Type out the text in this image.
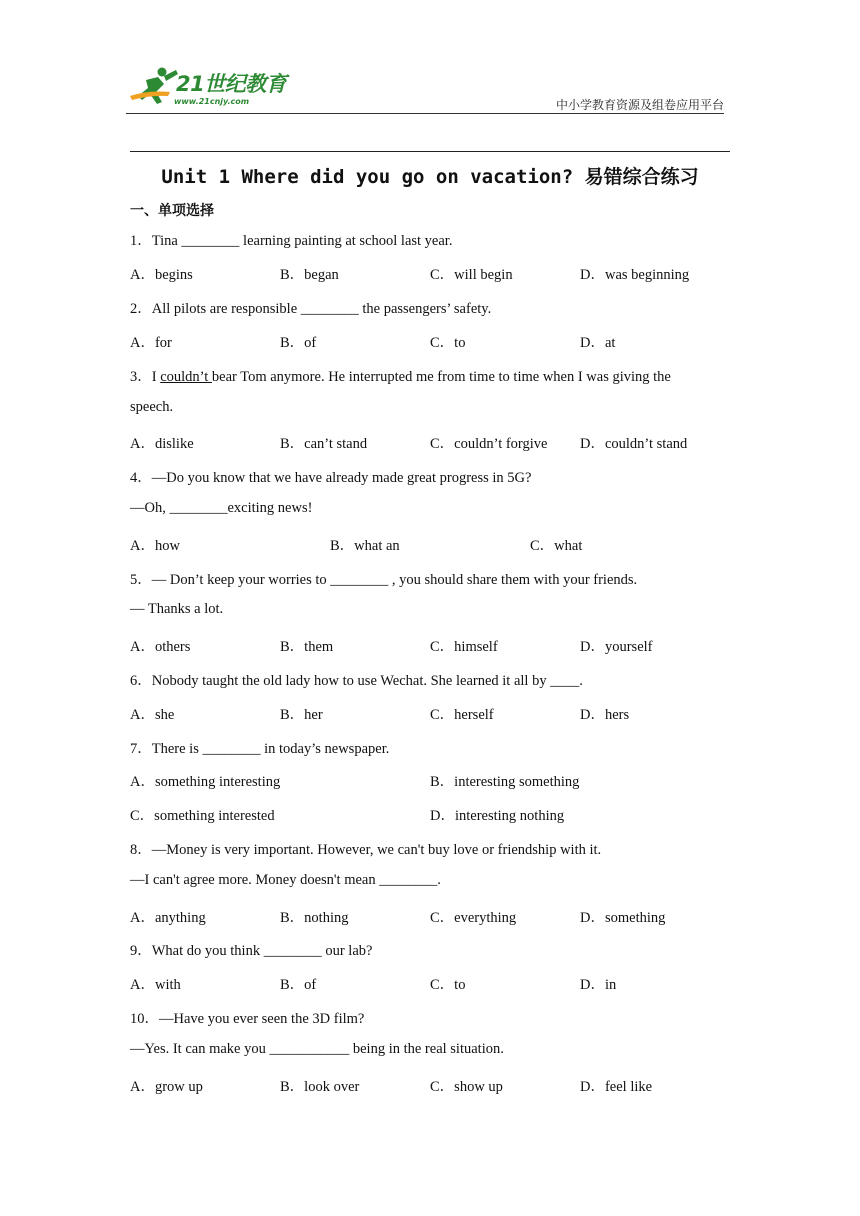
21世纪教育
www.21cnjy.com	中小学教育资源及组卷应用平台
Unit 1 Where did you go on vacation? 易错综合练习
一、单项选择
1．Tina ________ learning painting at school last year.
A．begins	B．began	C．will begin	D．was beginning
2．All pilots are responsible ________ the passengers’ safety.
A．for	B．of	C．to	D．at
3．I couldn’t bear Tom anymore. He interrupted me from time to time when I was giving the
speech.
A．dislike	B．can’t stand	C．couldn’t forgive D．couldn’t stand
4．—Do you know that we have already made great progress in 5G?
—Oh, ________exciting news!
A．how	B．what an	C．what
5．— Don’t keep your worries to ________ , you should share them with your friends.
— Thanks a lot.
A．others	B．them	C．himself	D．yourself
6．Nobody taught the old lady how to use Wechat. She learned it all by ____.
A．she	B．her	C．herself	D．hers
7．There is ________ in today’s newspaper.
A．something interesting	B．interesting something
C．something interested	D．interesting nothing
8．—Money is very important. However, we can't buy love or friendship with it.
—I can't agree more. Money doesn't mean ________.
A．anything	B．nothing	C．everything	D．something
9．What do you think ________ our lab?
A．with	B．of	C．to	D．in
10．—Have you ever seen the 3D film?
—Yes. It can make you ___________ being in the real situation.
A．grow up	B．look over	C．show up	D．feel like
